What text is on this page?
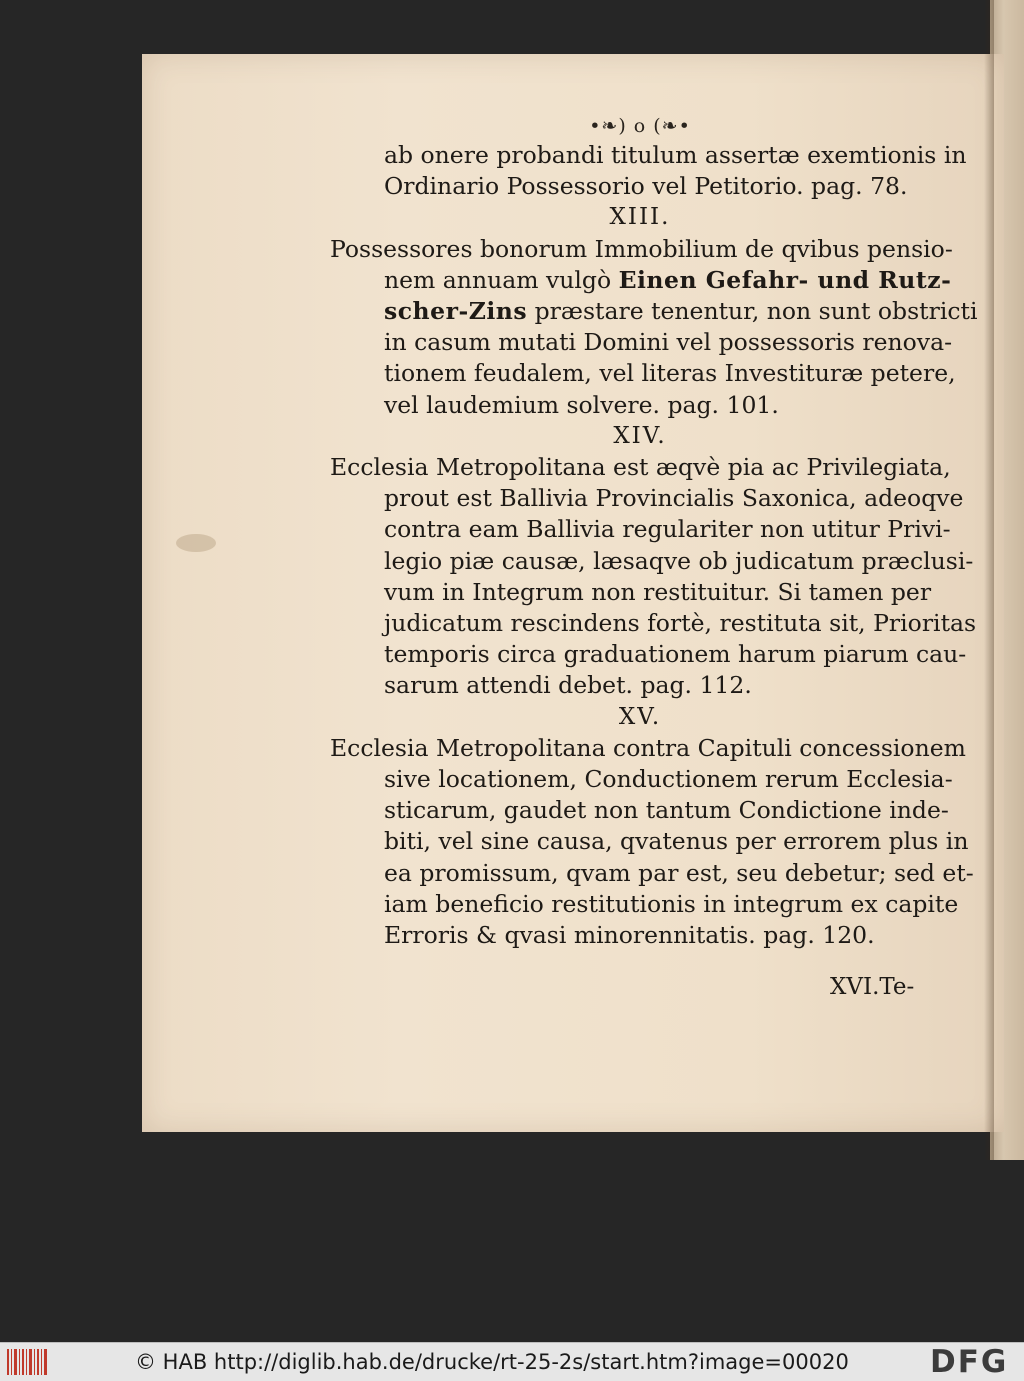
•❧) o (❧•
ab onere probandi titulum assertæ exemtionis in
Ordinario Possessorio vel Petitorio. pag. 78.
XIII.
Possessores bonorum Immobilium de qvibus pensio-
nem annuam vulgò Einen Gefahr- und Rutz-
scher-Zins præstare tenentur, non sunt obstricti
in casum mutati Domini vel possessoris renova-
tionem feudalem, vel literas Investituræ petere,
vel laudemium solvere. pag. 101.
XIV.
Ecclesia Metropolitana est æqvè pia ac Privilegiata,
prout est Ballivia Provincialis Saxonica, adeoqve
contra eam Ballivia regulariter non utitur Privi-
legio piæ causæ, læsaqve ob judicatum præclusi-
vum in Integrum non restituitur. Si tamen per
judicatum rescindens fortè, restituta sit, Prioritas
temporis circa graduationem harum piarum cau-
sarum attendi debet. pag. 112.
XV.
Ecclesia Metropolitana contra Capituli concessionem
sive locationem, Conductionem rerum Ecclesia-
sticarum, gaudet non tantum Condictione inde-
biti, vel sine causa, qvatenus per errorem plus in
ea promissum, qvam par est, seu debetur; sed et-
iam beneficio restitutionis in integrum ex capite
Erroris & qvasi minorennitatis. pag. 120.
XVI.Te-
© HAB http://diglib.hab.de/drucke/rt-25-2s/start.htm?image=00020	DFG
